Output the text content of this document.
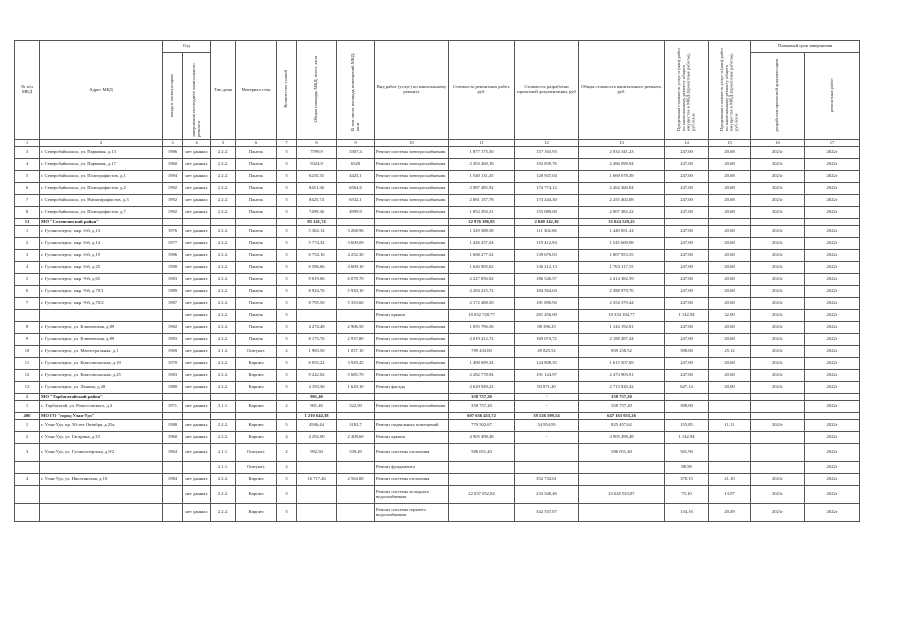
№ п/п МКД	Адрес МКД	Год		Тип дома	Материал стен	Количество этажей	Общая площадь МКД, всего, кв.м	В том числе площадь помещений МКД, кв.м	Вид работ (услуг) по капитальному ремонту	Стоимость ремонтных работ, руб.	Стоимость разработки проектной документации, руб	Общая стоимость капитального ремонта, руб.	Предельная стоимость услуг и (или) работ по капитальному ремонту общего имущества в МКД (проектные работы), руб./кв.м	Предельная стоимость услуг и (или) работ по капитальному ремонту общего имущества в МКД (проектные работы), руб./кв.м	Плановый срок завершения	
		ввода в эксплуатацию	завершения последнего капитального ремонта												разработки проектной документации	ремонтных работ
1	2	3	4	5	6	7	8	9	10	11	12	13	14	15	16	17
3	г. Северобайкальск, ул. Парковая, д.13	1986	нет данных	2.2.2.	Панель	5	7599,9	5307,4	Ремонт системы электроснабжения	1 877 175,30	157 165,93	2 034 341,23	247,00	20,68	2021г	2022г
4	г. Северобайкальск, ул. Парковая, д.17	1960	нет данных	2.2.2.	Панель	5	9324,9	6520	Ремонт системы электроснабжения	2 303 260,18	192 839,76	2 496 099,94	247,00	20,68	2021г	2022г
5	г. Северобайкальск, ул. Полиграфистов, д.1	1994	нет данных	2.2.2.	Панель	5	6235,35	4425,1	Ремонт системы электроснабжения	1 540 131,45	128 947,04	1 669 078,49	247,00	20,68	2021г	2022г
6	г. Северобайкальск, ул. Полиграфистов, д.2	1992	нет данных	2.2.2.	Панель	5	8451,36	6564,6	Ремонт системы электроснабжения	2 087 485,92	174 774,12	2 262 260,04	247,00	20,68	2021г	2022г
7	г. Северобайкальск, ул. Нипигирафистов, д.3	1992	нет данных	2.2.2.	Панель	5	8425,74	6532,1	Ремонт системы электроснабжения	2 081 157,78	174 244,30	2 255 402,08	247,00	20,68	2021г	2022г
8	г. Северобайкальск, ул. Полиграфистов, д.7	1992	нет данных	2.2.2.	Панель	5	7499,36	4999,9	Ремонт системы электроснабжения	1 852 293,31	155 089,00	2 007 482,22	247,00	20,68	2021г	2022г
13	МО "Селенгинский район"						85 141,74			32 976 386,95	2 048 142,30	35 024 529,25				
1	г. Гусиноозерск, мкр. 6-й, д.13	1976	нет данных	2.2.2.	Панель	5	5 382,14	3 268,96	Ремонт системы электроснабжения	1 329 388,58	111 302,66	1 440 691,24	247,00	20,68	2021г	2022г
2	г. Гусиноозерск, мкр. 6-й, д.14	1977	нет данных	2.2.2.	Панель	5	5 774,32	3 609,09	Ремонт системы электроснабжения	1 426 257,04	119 412,94	1 545 669,98	247,00	20,68	2021г	2022г
3	г. Гусиноозерск, мкр. 6-й, д.19	1986	нет данных	2.2.2.	Панель	5	6 754,16	4 252,30	Ремонт системы электроснабжения	1 668 277,52	139 676,03	1 807 953,55	247,00	20,68	2021г	2022г
4	г. Гусиноозерск, мкр. 6-й, д.25	1990	нет данных	2.2.2.	Панель	5	6 586,66	4 609,10	Ремонт системы электроснабжения	1 626 905,02	136 212,13	1 763 117,15	247,00	20,68	2021г	2022г
5	г. Гусиноозерск, мкр. 9-й, д.65	1983	нет данных	2.2.2.	Панель	5	9 019,66	6 078,70	Ремонт системы электроснабжения	2 227 856,02	186 526,57	2 414 382,59	247,00	20,68	2021г	2022г
6	г. Гусиноозерск, мкр. 9-й, д.70/1	1989	нет данных	2.2.2.	Панель	5	8 924,76	5 930,10	Ремонт системы электроснабжения	2 204 415,72	184 564,04	2 388 979,76	247,00	20,68	2021г	2022г
7	г. Гусиноозерск, мкр. 9-й, д.70/2	1987	нет данных	2.2.2.	Панель	5	8 795,50	5 333,60	Ремонт системы электроснабжения	2 172 488,50	181 890,94	2 354 379,44	247,00	20,68	2021г	2022г
			нет данных	2.2.2.	Панель	5			Ремонт крыши	10 052 728,77	281 456,00	10 334 184,77	1 142,94	32,00	2021г	2022г
8	г. Гусиноозерск, ул. Ключевская, д.89	1982	нет данных	2.2.2.	Панель	5	4 274,48	2 906,50	Ремонт системы электроснабжения	1 055 796,56	88 396,25	1 144 192,81	247,00	20,68	2021г	2022г
9	г. Гусиноозерск, ул. Ключевская, д.89	1983	нет данных	2.2.2.	Панель	5	8 175,76	2 937,80	Ремонт системы электроснабжения	2 019 412,72	169 074,72	2 188 487,44	247,00	20,68	2021г	2022г
10	г. Гусиноозерск, ул. Магистральная, д.1	1969	нет данных	2.1.2.	Оштукат.	2	1 983,50	1 037,10	Ремонт системы электроснабжения	789 433,00	49 825,52	839 258,52	398,00	25,12	2021г	2022г
11	г. Гусиноозерск, ул. Комсомольская, д.19	1970	нет данных	2.2.2.	Кирпич	5	6 055,22	3 929,45	Ремонт системы электроснабжения	1 490 699,34	124 808,35	1 615 507,69	247,00	20,68	2021г	2022г
12	г. Гусиноозерск, ул. Комсомольская, д.25	1983	нет данных	2.2.2.	Кирпич	5	9 242,02	5 685,70	Ремонт системы электроснабжения	2 282 778,94	191 124,97	2 473 903,91	247,00	20,68	2021г	2022г
13	г. Гусиноозерск, ул. Ленина, д.28	1980	нет данных	2.2.2.	Кирпич	5	4 193,36	1 620,10	Ремонт фасада	2 629 949,22	83 871,20	2 713 820,42	627,14	20,00	2021г	2022г
1	МО "Тарбагатайский район"						901,40			358 757,20	-	358 757,20				
1	с. Тарбагатай, ул. Рокоссовского, д.3	1971	нет данных	3.1.1.	Кирпич	2	901,40	522,50	Ремонт системы электроснабжения	358 757,20	-	358 757,20	398,00			2022г
406	МО ГО "город Улан-Удэ"						1 210 644,38			607 636 455,72	39 526 599,54	647 163 055,26				
1	г. Улан-Удэ, пр. 50-лет Октября, д.25а	1988	нет данных	2.2.2.	Кирпич	5	4946,44	3182,7	Ремонт подвальных помещений	770 502,67	54 954,95	825 457,62	155,85	11,11	2021г	2022г
2	г. Улан-Удэ, ул. Гагарина, д.33	1960	нет данных	2.2.2.	Кирпич	4	4 292,00	2 408,60	Ремонт крыши	4 905 498,48	-	4 905 498,48	1 142,94			2022г
3	г. Улан-Удэ, ул. Гусиноозерская, д.9/2	1964	нет данных	2.1.1.	Оштукат.	2	992,50	539,20	Ремонт системы отопления	586 051,40		586 051,40	501,90			2022г
				2.1.1.	Оштукат.	2			Ремонт фундамента				88,58			2022г
4	г. Улан-Удэ, ул. Иволгинская, д.10	1984	нет данных	2.2.2.	Кирпич	5	16 717,26	2 564,00	Ремонт системы отопления		352 734,61		378,15	21,10	2021г	2022г
			нет данных	2.2.2.	Кирпич	5			Ремонт системы холодного водоснабжения	22 037 052,84	233 540,40	23 645 923,87	75,10	13,97	2021г	2022г
			нет данных	2.2.2.	Кирпич	5			Ремонт системы горячего водоснабжения		342 537,07		134,16	20,49	2021г	2022г
